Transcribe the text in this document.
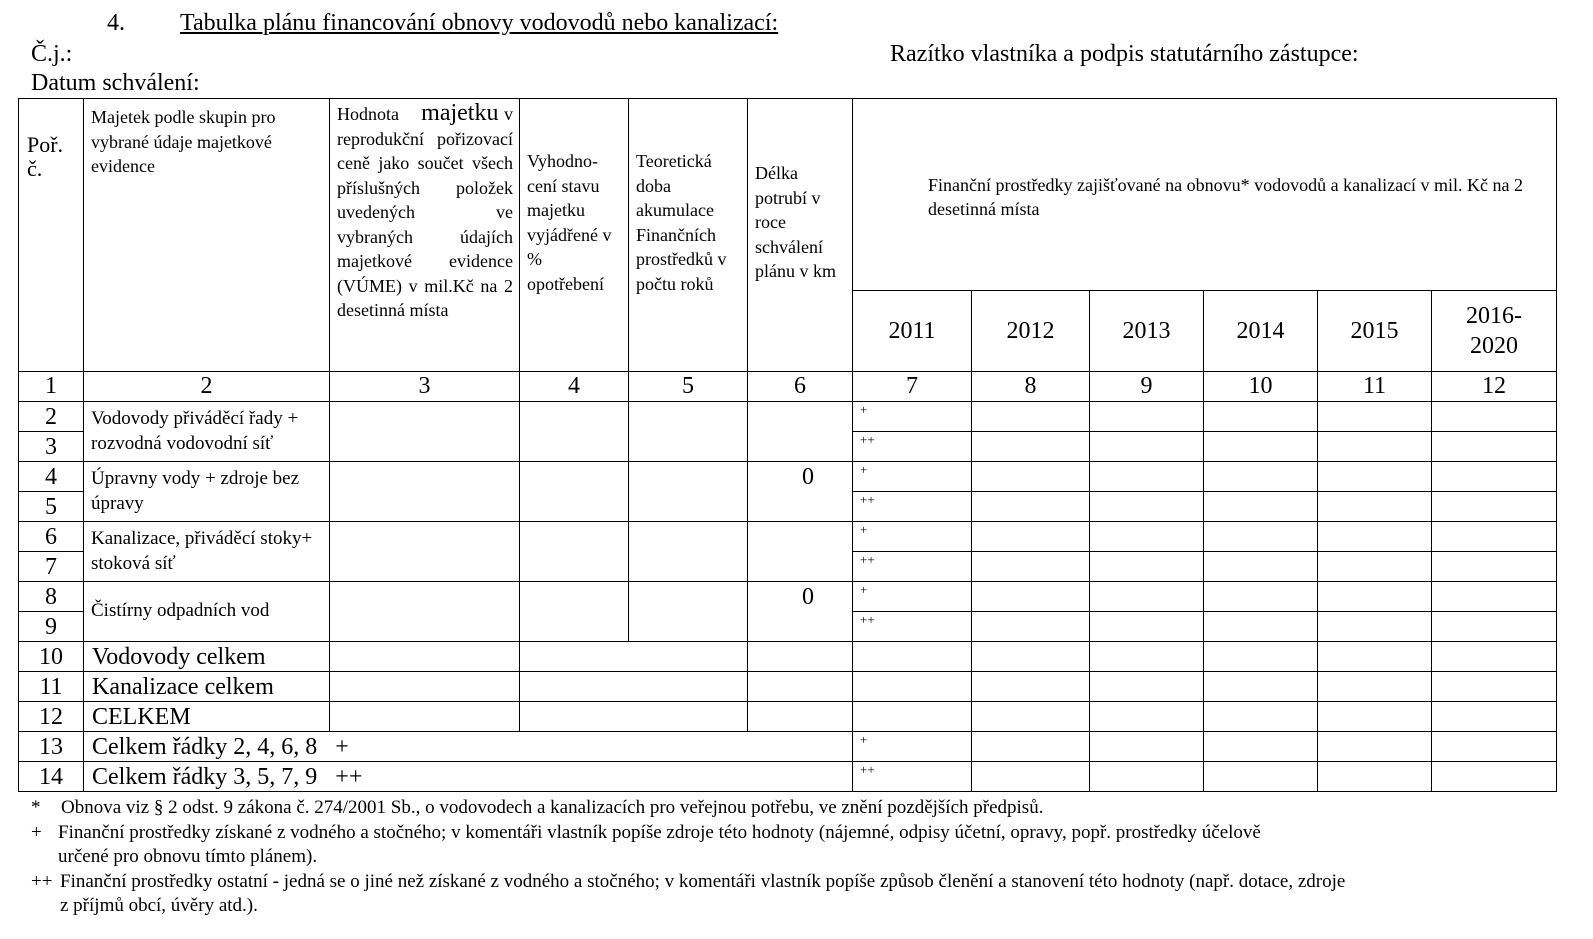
4. Tabulka plánu financování obnovy vodovodů nebo kanalizací:
Č.j.:	Razítko vlastníka a podpis statutárního zástupce:
Datum schválení:
Poř. č.	Majetek podle skupin pro vybrané údaje majetkové evidence	Hodnota majetku v reprodukční pořizovací ceně jako součet všech příslušných položek uvedených ve vybraných údajích majetkové evidence (VÚME) v mil.Kč na 2 desetinná místa	Vyhodno-cení stavu majetku vyjádřené v % opotřebení	Teoretická doba akumulace Finančních prostředků v počtu roků	Délka potrubí v roce schválení plánu v km	Finanční prostředky zajišťované na obnovu* vodovodů a kanalizací v mil. Kč na 2 desetinná místa					
						2011	2012	2013	2014	2015	2016-2020
1	2	3	4	5	6	7	8	9	10	11	12
2	Vodovody přiváděcí řady + rozvodná vodovodní síť					+					
3						++					
4	Úpravny vody + zdroje bez úpravy				0	+					
5						++					
6	Kanalizace, přiváděcí stoky+ stoková síť					+					
7						++					
8	Čistírny odpadních vod				0	+					
9						++					
10	Vodovody celkem										
11	Kanalizace celkem										
12	CELKEM										
13	Celkem řádky 2, 4, 6, 8   +					+					
14	Celkem řádky 3, 5, 7, 9   ++					++					
* Obnova viz § 2 odst. 9 zákona č. 274/2001 Sb., o vodovodech a kanalizacích pro veřejnou potřebu, ve znění pozdějších předpisů.
+ Finanční prostředky získané z vodného a stočného; v komentáři vlastník popíše zdroje této hodnoty (nájemné, odpisy účetní, opravy, popř. prostředky účelově
určené pro obnovu tímto plánem).
++ Finanční prostředky ostatní - jedná se o jiné než získané z vodného a stočného; v komentáři vlastník popíše způsob členění a stanovení této hodnoty (např. dotace, zdroje
z příjmů obcí, úvěry atd.).
